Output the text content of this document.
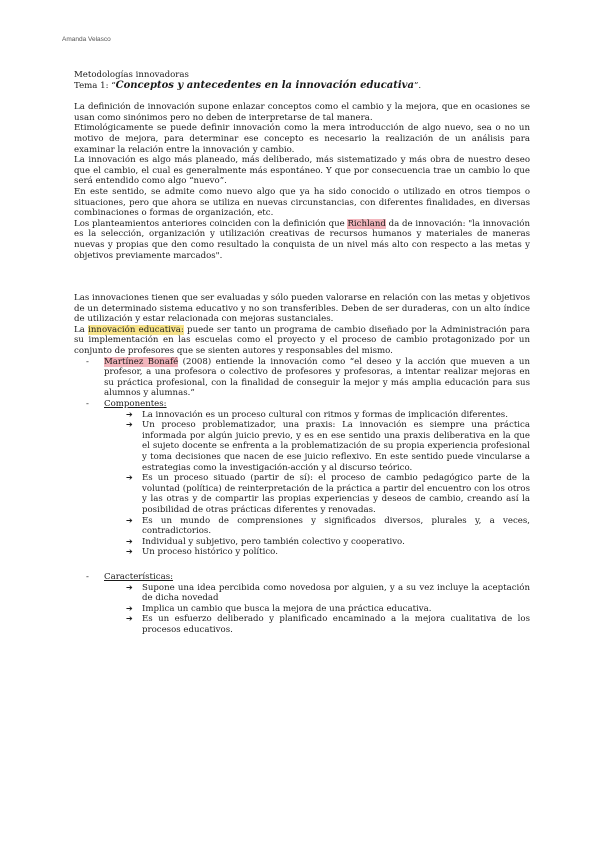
Amanda Velasco

Metodologías innovadoras

Tema 1: “Conceptos y antecedentes en la innovación educativa”.

La definición de innovación supone enlazar conceptos como el cambio y la mejora, que en ocasiones se usan como sinónimos pero no deben de interpretarse de tal manera.

Etimológicamente se puede definir innovación como la mera introducción de algo nuevo, sea o no un motivo de mejora, para determinar ese concepto es necesario la realización de un análisis para examinar la relación entre la innovación y cambio.

La innovación es algo más planeado, más deliberado, más sistematizado y más obra de nuestro deseo que el cambio, el cual es generalmente más espontáneo. Y que por consecuencia trae un cambio lo que será entendido como algo “nuevo”.

En este sentido, se admite como nuevo algo que ya ha sido conocido o utilizado en otros tiempos o situaciones, pero que ahora se utiliza en nuevas circunstancias, con diferentes finalidades, en diversas combinaciones o formas de organización, etc.

Los planteamientos anteriores coinciden con la definición que Richland da de innovación: "la innovación es la selección, organización y utilización creativas de recursos humanos y materiales de maneras nuevas y propias que den como resultado la conquista de un nivel más alto con respecto a las metas y objetivos previamente marcados".

Las innovaciones tienen que ser evaluadas y sólo pueden valorarse en relación con las metas y objetivos de un determinado sistema educativo y no son transferibles. Deben de ser duraderas, con un alto índice de utilización y estar relacionada con mejoras sustanciales.

La innovación educativa: puede ser tanto un programa de cambio diseñado por la Administración para su implementación en las escuelas como el proyecto y el proceso de cambio protagonizado por un conjunto de profesores que se sienten autores y responsables del mismo.

- Martínez Bonafé (2008) entiende la innovación como “el deseo y la acción que mueven a un profesor, a una profesora o colectivo de profesores y profesoras, a intentar realizar mejoras en su práctica profesional, con la finalidad de conseguir la mejor y más amplia educación para sus alumnos y alumnas.”
- Componentes:
➔ La innovación es un proceso cultural con ritmos y formas de implicación diferentes.
➔ Un proceso problematizador, una praxis: La innovación es siempre una práctica informada por algún juicio previo, y es en ese sentido una praxis deliberativa en la que el sujeto docente se enfrenta a la problematización de su propia experiencia profesional y toma decisiones que nacen de ese juicio reflexivo. En este sentido puede vincularse a estrategias como la investigación-acción y al discurso teórico.
➔ Es un proceso situado (partir de sí): el proceso de cambio pedagógico parte de la voluntad (política) de reinterpretación de la práctica a partir del encuentro con los otros y las otras y de compartir las propias experiencias y deseos de cambio, creando así la posibilidad de otras prácticas diferentes y renovadas.
➔ Es un mundo de comprensiones y significados diversos, plurales y, a veces, contradictorios.
➔ Individual y subjetivo, pero también colectivo y cooperativo.
➔ Un proceso histórico y político.
- Características:
➔ Supone una idea percibida como novedosa por alguien, y a su vez incluye la aceptación de dicha novedad
➔ Implica un cambio que busca la mejora de una práctica educativa.
➔ Es un esfuerzo deliberado y planificado encaminado a la mejora cualitativa de los procesos educativos.
